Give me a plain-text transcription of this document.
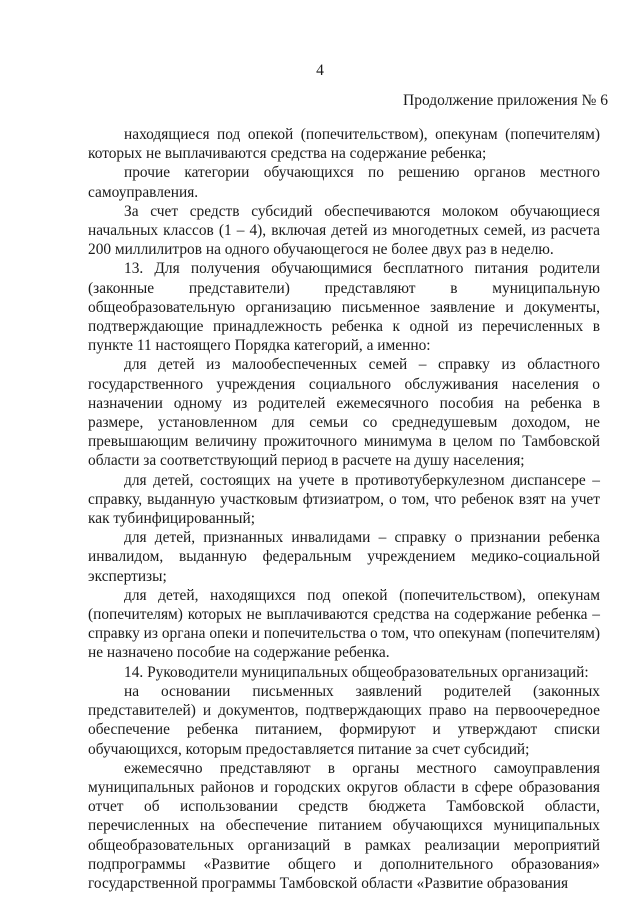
4
Продолжение приложения № 6

находящиеся под опекой (попечительством), опекунам (попечителям) которых не выплачиваются средства на содержание ребенка;

прочие категории обучающихся по решению органов местного самоуправления.

За счет средств субсидий обеспечиваются молоком обучающиеся начальных классов (1 – 4), включая детей из многодетных семей, из расчета 200 миллилитров на одного обучающегося не более двух раз в неделю.

13. Для получения обучающимися бесплатного питания родители (законные представители) представляют в муниципальную общеобразовательную организацию письменное заявление и документы, подтверждающие принадлежность ребенка к одной из перечисленных в пункте 11 настоящего Порядка категорий, а именно:

для детей из малообеспеченных семей – справку из областного государственного учреждения социального обслуживания населения о назначении одному из родителей ежемесячного пособия на ребенка в размере, установленном для семьи со среднедушевым доходом, не превышающим величину прожиточного минимума в целом по Тамбовской области за соответствующий период в расчете на душу населения;

для детей, состоящих на учете в противотуберкулезном диспансере – справку, выданную участковым фтизиатром, о том, что ребенок взят на учет как тубинфицированный;

для детей, признанных инвалидами – справку о признании ребенка инвалидом, выданную федеральным учреждением медико-социальной экспертизы;

для детей, находящихся под опекой (попечительством), опекунам (попечителям) которых не выплачиваются средства на содержание ребенка – справку из органа опеки и попечительства о том, что опекунам (попечителям) не назначено пособие на содержание ребенка.

14. Руководители муниципальных общеобразовательных организаций:

на основании письменных заявлений родителей (законных представителей) и документов, подтверждающих право на первоочередное обеспечение ребенка питанием, формируют и утверждают списки обучающихся, которым предоставляется питание за счет субсидий;

ежемесячно представляют в органы местного самоуправления муниципальных районов и городских округов области в сфере образования отчет об использовании средств бюджета Тамбовской области, перечисленных на обеспечение питанием обучающихся муниципальных общеобразовательных организаций в рамках реализации мероприятий подпрограммы «Развитие общего и дополнительного образования» государственной программы Тамбовской области «Развитие образования
